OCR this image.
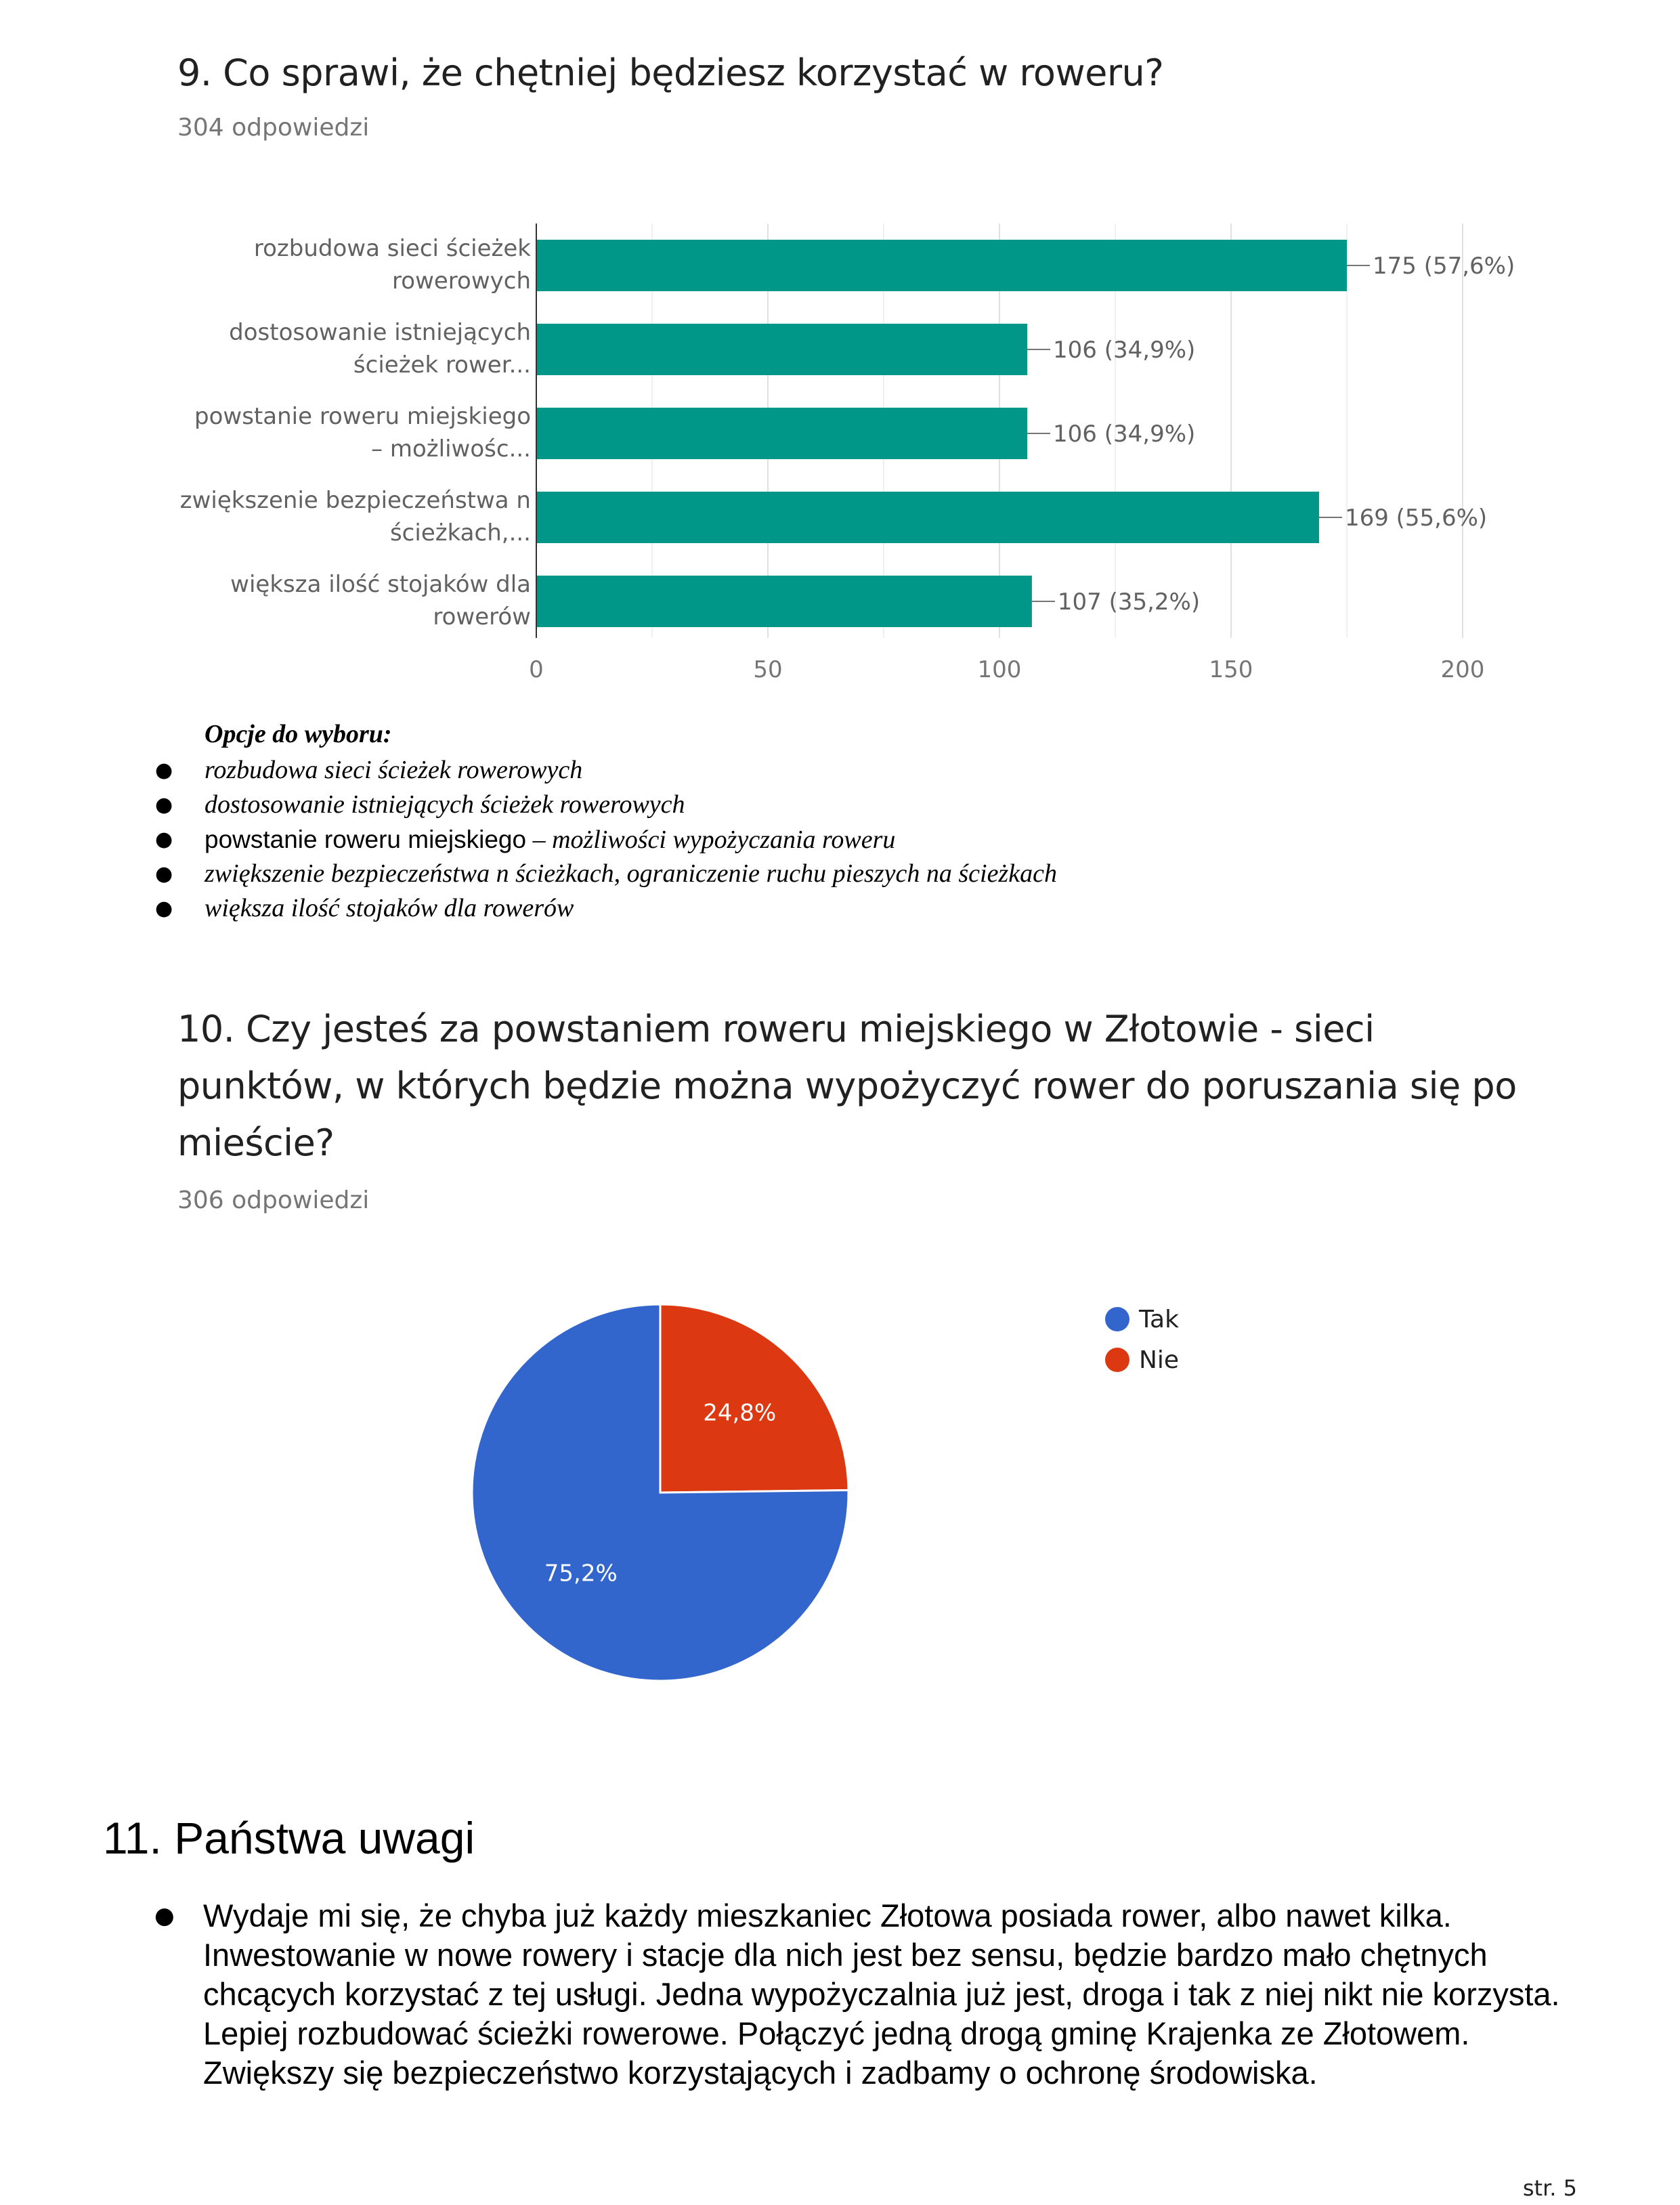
9. Co sprawi, że chętniej będziesz korzystać w roweru?
304 odpowiedzi
0	50	100	150	200
175 (57,6%)
rozbudowa sieci ścieżek
rowerowych
106 (34,9%)
dostosowanie istniejących
ścieżek rower...
106 (34,9%)
powstanie roweru miejskiego
– możliwośc...
169 (55,6%)
zwiększenie bezpieczeństwa n
ścieżkach,...
107 (35,2%)
większa ilość stojaków dla
rowerów

Opcje do wyboru:

● rozbudowa sieci ścieżek rowerowych
● dostosowanie istniejących ścieżek rowerowych
● powstanie roweru miejskiego – możliwości wypożyczania roweru
● zwiększenie bezpieczeństwa n ścieżkach, ograniczenie ruchu pieszych na ścieżkach
● większa ilość stojaków dla rowerów
10. Czy jesteś za powstaniem roweru miejskiego w Złotowie - sieci punktów, w których będzie można wypożyczyć rower do poruszania się po mieście?
306 odpowiedzi
24,8%
75,2%
Tak
Nie
11. Państwa uwagi
● Wydaje mi się, że chyba już każdy mieszkaniec Złotowa posiada rower, albo nawet kilka. Inwestowanie w nowe rowery i stacje dla nich jest bez sensu, będzie bardzo mało chętnych chcących korzystać z tej usługi. Jedna wypożyczalnia już jest, droga i tak z niej nikt nie korzysta. Lepiej rozbudować ścieżki rowerowe. Połączyć jedną drogą gminę Krajenka ze Złotowem. Zwiększy się bezpieczeństwo korzystających i zadbamy o ochronę środowiska.
str. 5
